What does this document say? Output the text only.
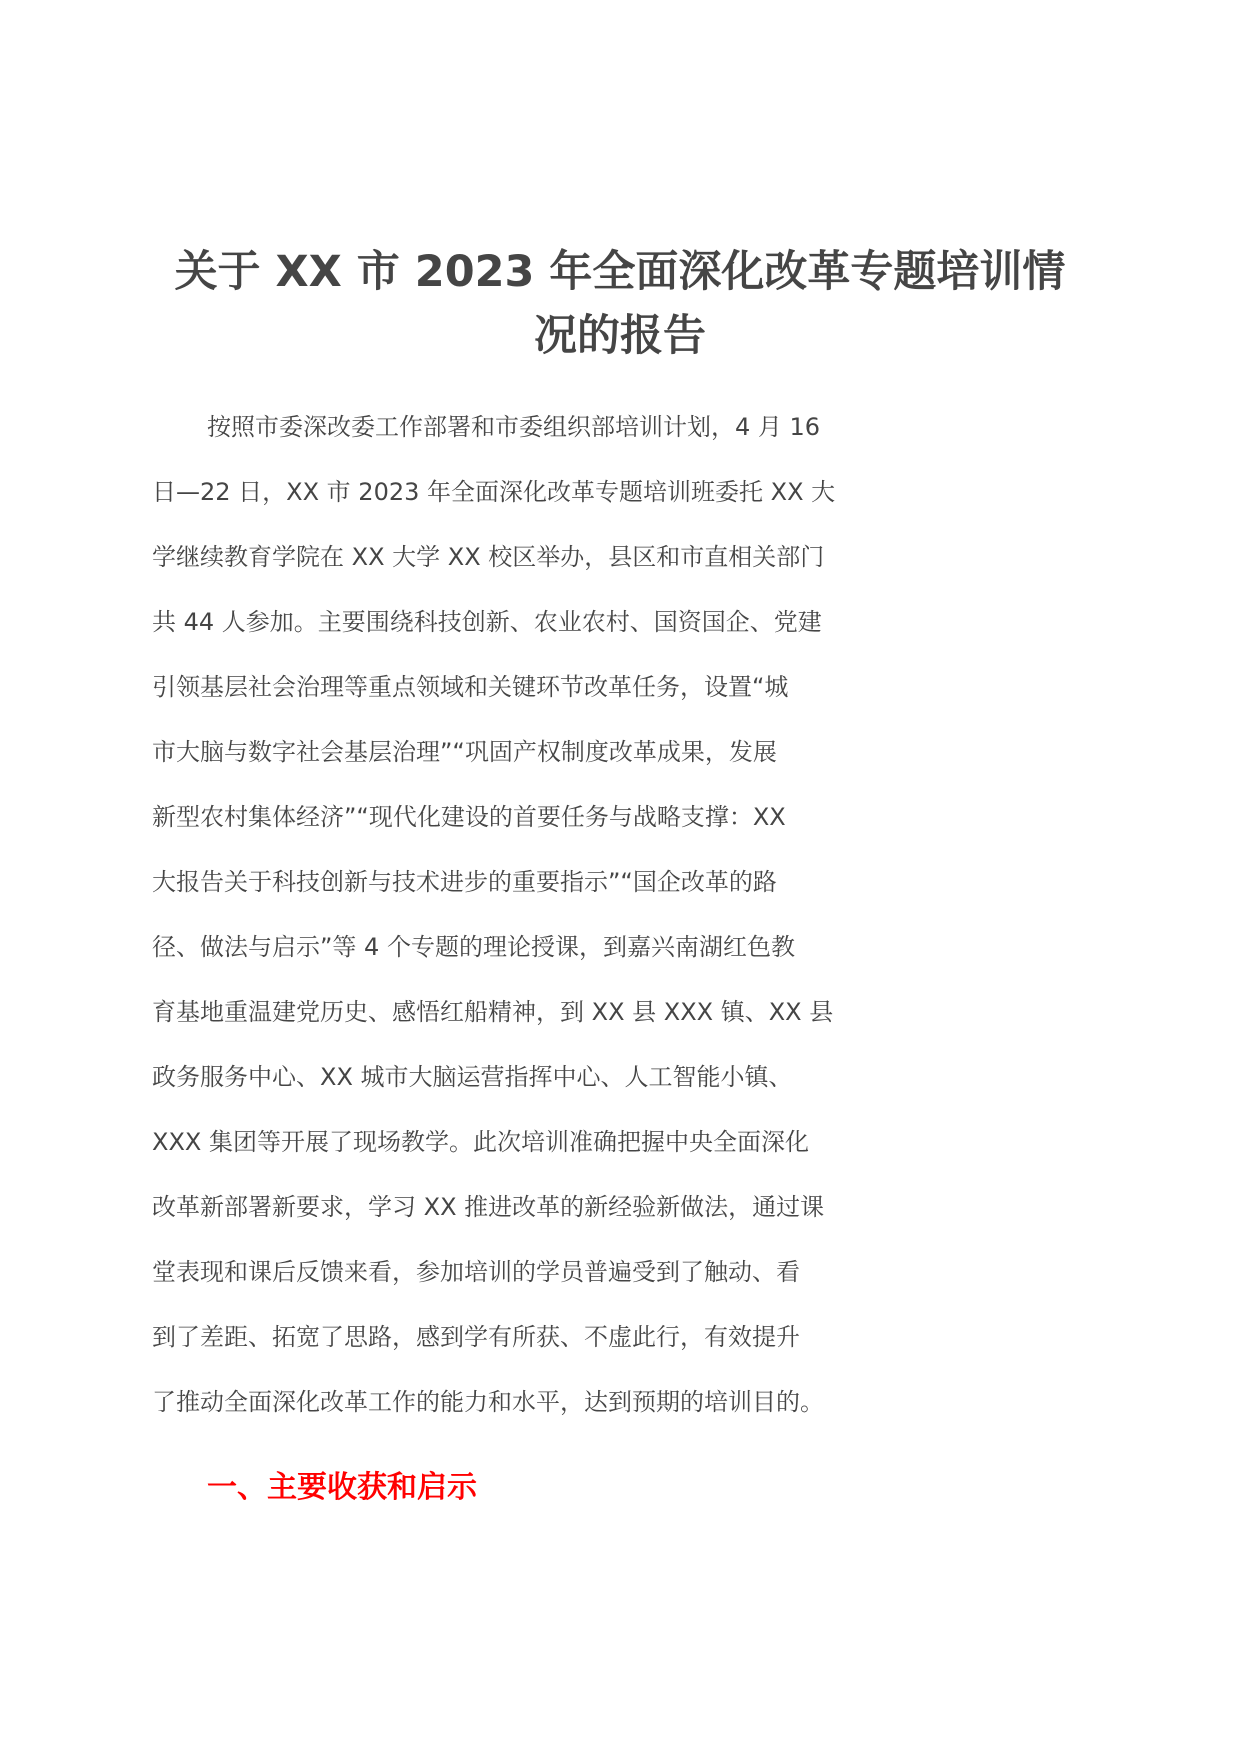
关于 XX 市 2023 年全面深化改革专题培训情
况的报告
按照市委深改委工作部署和市委组织部培训计划，4 月 16
日—22 日，XX 市 2023 年全面深化改革专题培训班委托 XX 大
学继续教育学院在 XX 大学 XX 校区举办，县区和市直相关部门
共 44 人参加。主要围绕科技创新、农业农村、国资国企、党建
引领基层社会治理等重点领域和关键环节改革任务，设置“城
市大脑与数字社会基层治理”“巩固产权制度改革成果，发展
新型农村集体经济”“现代化建设的首要任务与战略支撑：XX
大报告关于科技创新与技术进步的重要指示”“国企改革的路
径、做法与启示”等 4 个专题的理论授课，到嘉兴南湖红色教
育基地重温建党历史、感悟红船精神，到 XX 县 XXX 镇、XX 县
政务服务中心、XX 城市大脑运营指挥中心、人工智能小镇、
XXX 集团等开展了现场教学。此次培训准确把握中央全面深化
改革新部署新要求，学习 XX 推进改革的新经验新做法，通过课
堂表现和课后反馈来看，参加培训的学员普遍受到了触动、看
到了差距、拓宽了思路，感到学有所获、不虚此行，有效提升
了推动全面深化改革工作的能力和水平，达到预期的培训目的。
一、主要收获和启示
